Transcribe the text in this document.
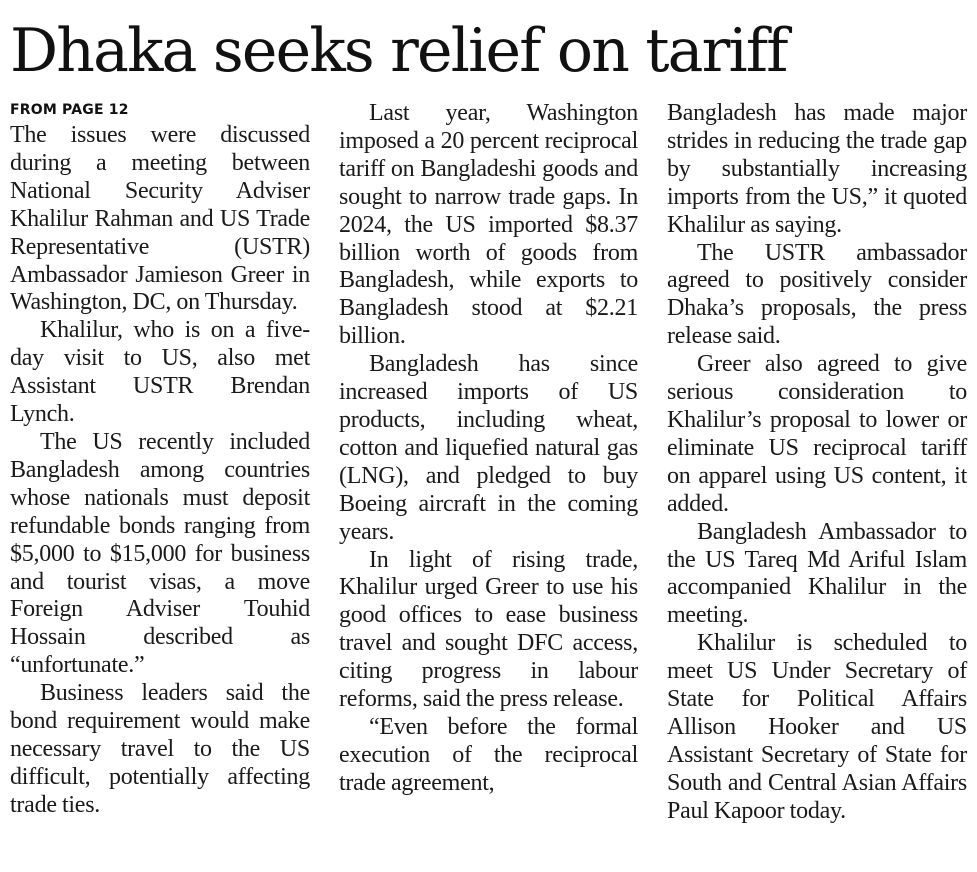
Dhaka seeks relief on tariff
FROM PAGE 12

The issues were discussed during a meeting between National Security Adviser Khalilur Rahman and US Trade Representative (USTR) Ambassador Jamieson Greer in Washington, DC, on Thursday.

Khalilur, who is on a five-day visit to US, also met Assistant USTR Brendan Lynch.

The US recently included Bangladesh among countries whose nationals must deposit refundable bonds ranging from $5,000 to $15,000 for business and tourist visas, a move Foreign Adviser Touhid Hossain described as “unfortunate.”

Business leaders said the bond requirement would make necessary travel to the US difficult, potentially affecting trade ties.

Last year, Washington imposed a 20 percent reciprocal tariff on Bangladeshi goods and sought to narrow trade gaps. In 2024, the US imported $8.37 billion worth of goods from Bangladesh, while exports to Bangladesh stood at $2.21 billion.

Bangladesh has since increased imports of US products, including wheat, cotton and liquefied natural gas (LNG), and pledged to buy Boeing aircraft in the coming years.

In light of rising trade, Khalilur urged Greer to use his good offices to ease business travel and sought DFC access, citing progress in labour reforms, said the press release.

“Even before the formal execution of the reciprocal trade agreement,

Bangladesh has made major strides in reducing the trade gap by substantially increasing imports from the US,” it quoted Khalilur as saying.

The USTR ambassador agreed to positively consider Dhaka’s proposals, the press release said.

Greer also agreed to give serious consideration to Khalilur’s proposal to lower or eliminate US reciprocal tariff on apparel using US content, it added.

Bangladesh Ambassador to the US Tareq Md Ariful Islam accompanied Khalilur in the meeting.

Khalilur is scheduled to meet US Under Secretary of State for Political Affairs Allison Hooker and US Assistant Secretary of State for South and Central Asian Affairs Paul Kapoor today.
